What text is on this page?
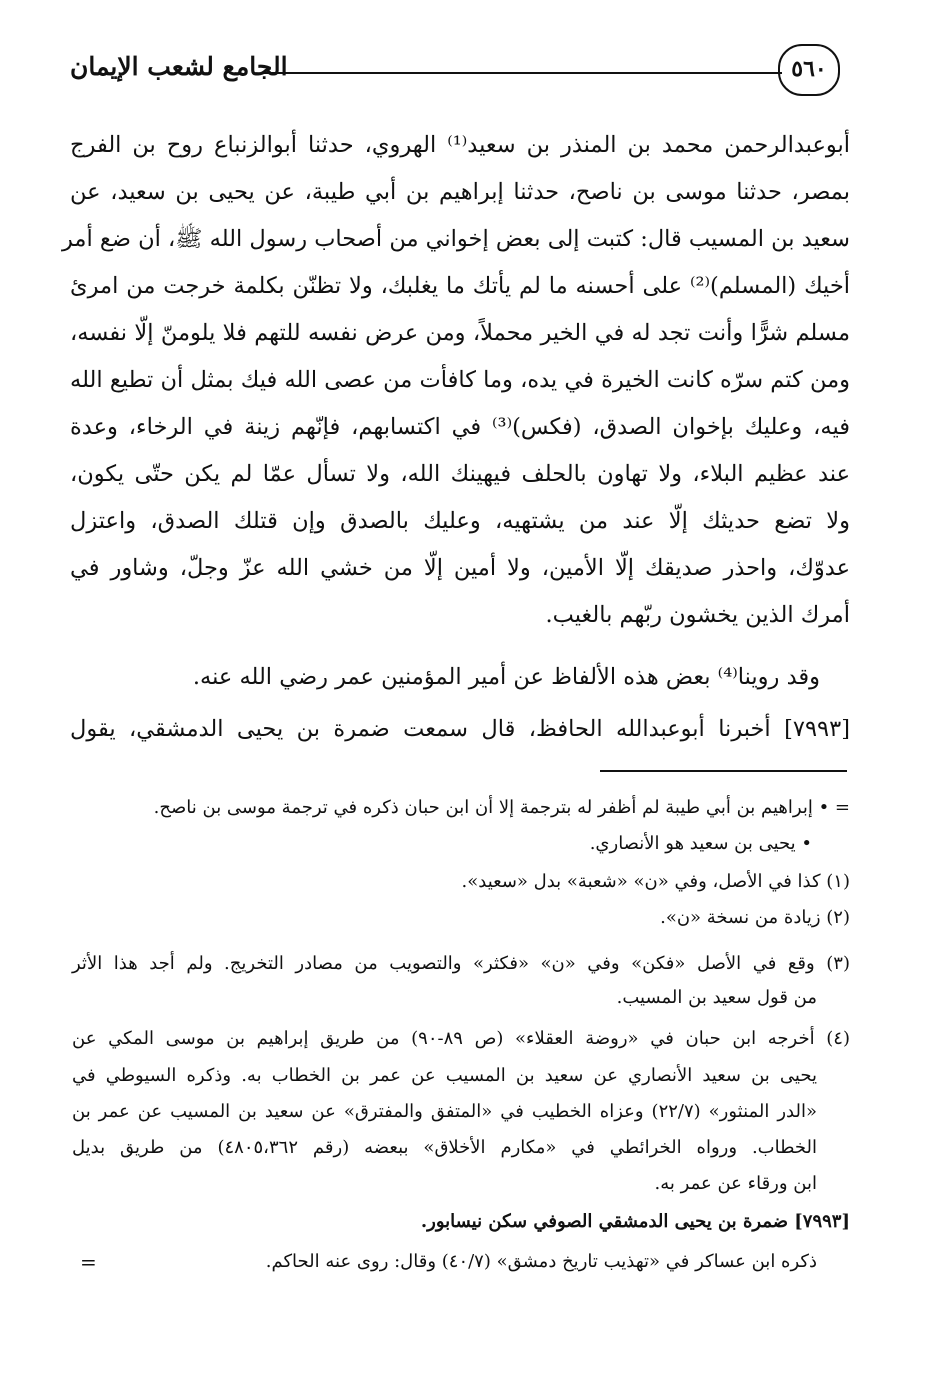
٥٦٠
الجامع لشعب الإيمان
أبوعبدالرحمن محمد بن المنذر بن سعيد⁽¹⁾ الهروي، حدثنا أبوالزنباع روح بن الفرج
بمصر، حدثنا موسى بن ناصح، حدثنا إبراهيم بن أبي طيبة، عن يحيى بن سعيد، عن
سعيد بن المسيب قال: كتبت إلى بعض إخواني من أصحاب رسول الله ﷺ، أن ضع أمر
أخيك (المسلم)⁽²⁾ على أحسنه ما لم يأتك ما يغلبك، ولا تظنّن بكلمة خرجت من امرئ
مسلم شرًّا وأنت تجد له في الخير محملاً، ومن عرض نفسه للتهم فلا يلومنّ إلّا نفسه،
ومن كتم سرّه كانت الخيرة في يده، وما كافأت من عصى الله فيك بمثل أن تطيع الله
فيه، وعليك بإخوان الصدق، (فكس)⁽³⁾ في اكتسابهم، فإنّهم زينة في الرخاء، وعدة
عند عظيم البلاء، ولا تهاون بالحلف فيهينك الله، ولا تسأل عمّا لم يكن حتّى يكون،
ولا تضع حديثك إلّا عند من يشتهيه، وعليك بالصدق وإن قتلك الصدق، واعتزل
عدوّك، واحذر صديقك إلّا الأمين، ولا أمين إلّا من خشي الله عزّ وجلّ، وشاور في
أمرك الذين يخشون ربّهم بالغيب.
وقد روينا⁽⁴⁾ بعض هذه الألفاظ عن أمير المؤمنين عمر رضي الله عنه.
[٧٩٩٣] أخبرنا أبوعبدالله الحافظ، قال سمعت ضمرة بن يحيى الدمشقي، يقول
= • إبراهيم بن أبي طيبة لم أظفر له بترجمة إلا أن ابن حبان ذكره في ترجمة موسى بن ناصح.
• يحيى بن سعيد هو الأنصاري.
(١) كذا في الأصل، وفي «ن» «شعبة» بدل «سعيد».
(٢) زيادة من نسخة «ن».
(٣) وقع في الأصل «فكن» وفي «ن» «فكثر» والتصويب من مصادر التخريج. ولم أجد هذا الأثر
من قول سعيد بن المسيب.
(٤) أخرجه ابن حبان في «روضة العقلاء» (ص ٨٩-٩٠) من طريق إبراهيم بن موسى المكي عن
يحيى بن سعيد الأنصاري عن سعيد بن المسيب عن عمر بن الخطاب به. وذكره السيوطي في
«الدر المنثور» (٢٢/٧) وعزاه الخطيب في «المتفق والمفترق» عن سعيد بن المسيب عن عمر بن
الخطاب. ورواه الخرائطي في «مكارم الأخلاق» ببعضه (رقم ٤٨٠٥،٣٦٢) من طريق بديل
ابن ورقاء عن عمر به.
[٧٩٩٣] ضمرة بن يحيى الدمشقي الصوفي سكن نيسابور.
ذكره ابن عساكر في «تهذيب تاريخ دمشق» (٤٠/٧) وقال: روى عنه الحاكم.
=
